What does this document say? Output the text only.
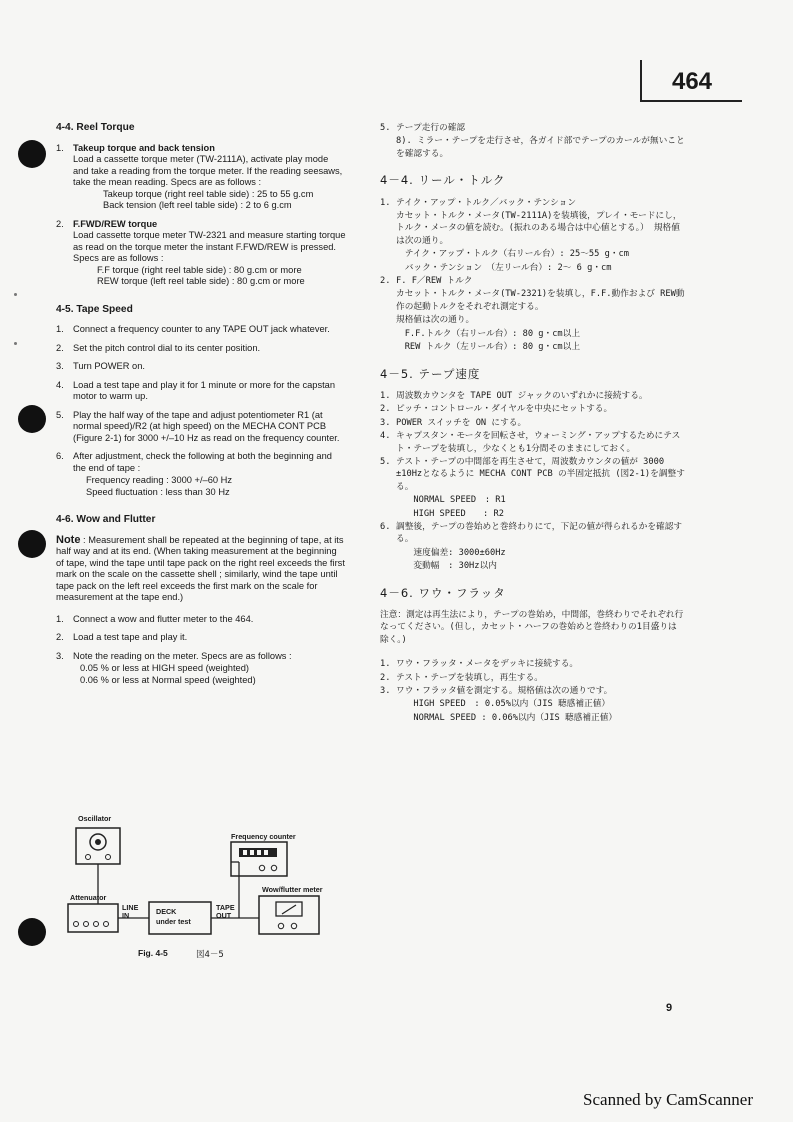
464
4-4. Reel Torque
1. Takeup torque and back tension
Load a cassette torque meter (TW-2111A), activate play mode and take a reading from the torque meter. If the reading seesaws, take the mean reading. Specs are as follows :
Takeup torque (right reel table side) : 25 to 55 g.cm
Back tension (left reel table side) : 2 to 6 g.cm
2. F.FWD/REW torque
Load cassette torque meter TW-2321 and measure starting torque as read on the torque meter the instant F.FWD/REW is pressed. Specs are as follows :
F.F torque (right reel table side) : 80 g.cm or more
REW torque (left reel table side) : 80 g.cm or more
4-5. Tape Speed
1. Connect a frequency counter to any TAPE OUT jack whatever.
2. Set the pitch control dial to its center position.
3. Turn POWER on.
4. Load a test tape and play it for 1 minute or more for the capstan motor to warm up.
5. Play the half way of the tape and adjust potentiometer R1 (at normal speed)/R2 (at high speed) on the MECHA CONT PCB (Figure 2-1) for 3000 +/–10 Hz as read on the frequency counter.
6. After adjustment, check the following at both the beginning and the end of tape :
Frequency reading : 3000 +/–60 Hz
Speed fluctuation : less than 30 Hz
4-6. Wow and Flutter
Note : Measurement shall be repeated at the beginning of tape, at its half way and at its end. (When taking measurement at the beginning of tape, wind the tape until tape pack on the right reel exceeds the first mark on the scale on the cassette shell ; similarly, wind the tape until tape pack on the left reel exceeds the first mark on the scale for measurement at the tape end.)
1. Connect a wow and flutter meter to the 464.
2. Load a test tape and play it.
3. Note the reading on the meter. Specs are as follows :
0.05 % or less at HIGH speed (weighted)
0.06 % or less at Normal speed (weighted)
Oscillator
Attenuator
LINE IN	DECK
under test
TAPE OUT
Frequency counter
Wow/flutter meter
Fig. 4-5	図4－5
5. テープ走行の確認
8). ミラー・テープを走行させ，各ガイド部でテープのカールが無いことを確認する。
4－4. リール・トルク
1. テイク・アップ・トルク／バック・テンション
カセット・トルク・メータ(TW-2111A)を装填後，プレイ・モードにし，トルク・メータの値を読む。(振れのある場合は中心値とする。） 規格値は次の通り。
　テイク・アップ・トルク（右リール台）: 25～55 g・cm
　バック・テンション　（左リール台）: 2～ 6 g・cm
2. F. F／REW トルク
カセット・トルク・メータ(TW-2321)を装填し，F.F.動作および REW動作の起動トルクをそれぞれ測定する。
規格値は次の通り。
　F.F.トルク（右リール台）: 80 g・cm以上
　REW トルク（左リール台）: 80 g・cm以上
4－5. テープ速度
1. 周波数カウンタを TAPE OUT ジャックのいずれかに接続する。
2. ピッチ・コントロール・ダイヤルを中央にセットする。
3. POWER スイッチを ON にする。
4. キャプスタン・モータを回転させ，ウォーミング・アップするためにテスト・テープを装填し，少なくとも1分間そのままにしておく。
5. テスト・テープの中間部を再生させて，周波数カウンタの値が 3000 ±10Hzとなるように MECHA CONT PCB の半固定抵抗 (図2-1)を調整する。
　　NORMAL SPEED　: R1
　　HIGH SPEED　　: R2
6. 調整後，テープの巻始めと巻終わりにて，下記の値が得られるかを確認する。
　　速度偏差: 3000±60Hz
　　変動幅　: 30Hz以内
4－6. ワウ・フラッタ
注意：測定は再生法により，テープの巻始め，中間部，巻終わりでそれぞれ行なってください。(但し，カセット・ハーフの巻始めと巻終わりの1目盛りは除く。)
1. ワウ・フラッタ・メータをデッキに接続する。
2. テスト・テープを装填し，再生する。
3. ワウ・フラッタ値を測定する。規格値は次の通りです。
　　HIGH SPEED　: 0.05%以内（JIS 聴感補正値）
　　NORMAL SPEED : 0.06%以内（JIS 聴感補正値）
9
Scanned by CamScanner
